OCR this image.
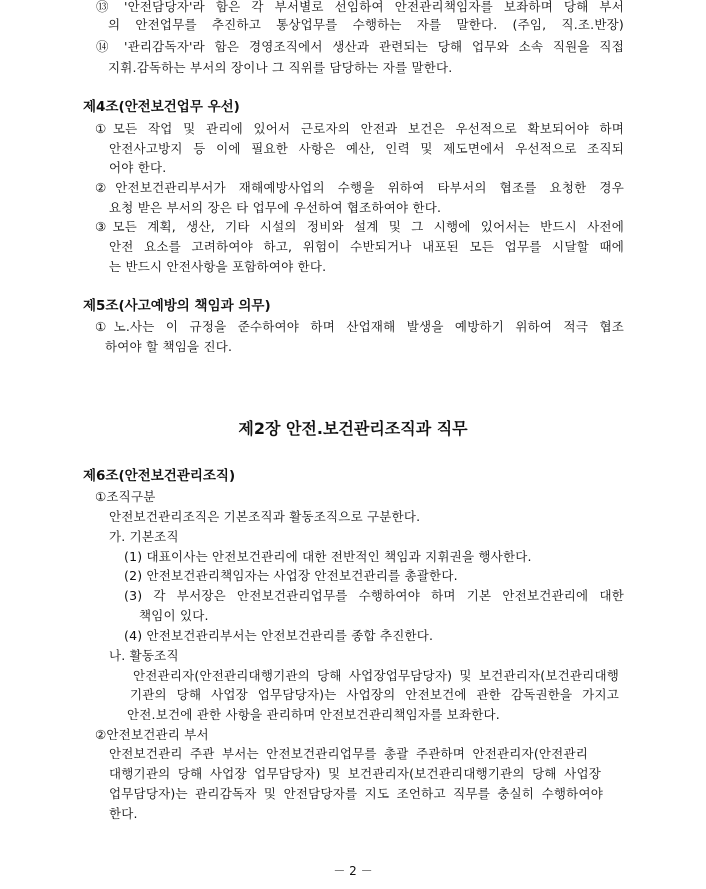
⑬ '안전담당자'라 함은 각 부서별로 선임하여 안전관리책임자를 보좌하며 당해 부서
의 안전업무를 추진하고 통상업무를 수행하는 자를 말한다. (주임, 직.조.반장)
⑭ '관리감독자'라 함은 경영조직에서 생산과 관련되는 당해 업무와 소속 직원을 직접
지휘.감독하는 부서의 장이나 그 직위를 담당하는 자를 말한다.
제4조(안전보건업무 우선)
①모든 작업 및 관리에 있어서 근로자의 안전과 보건은 우선적으로 확보되어야 하며
안전사고방지 등 이에 필요한 사항은 예산, 인력 및 제도면에서 우선적으로 조직되
어야 한다.
②안전보건관리부서가 재해예방사업의 수행을 위하여 타부서의 협조를 요청한 경우
요청 받은 부서의 장은 타 업무에 우선하여 협조하여야 한다.
③모든 계획, 생산, 기타 시설의 정비와 설계 및 그 시행에 있어서는 반드시 사전에
안전 요소를 고려하여야 하고, 위험이 수반되거나 내포된 모든 업무를 시달할 때에
는 반드시 안전사항을 포함하여야 한다.
제5조(사고예방의 책임과 의무)
①노.사는 이 규정을 준수하여야 하며 산업재해 발생을 예방하기 위하여 적극 협조
하여야 할 책임을 진다.
제2장 안전.보건관리조직과 직무
제6조(안전보건관리조직)
①조직구분
안전보건관리조직은 기본조직과 활동조직으로 구분한다.
가. 기본조직
(1) 대표이사는 안전보건관리에 대한 전반적인 책임과 지휘권을 행사한다.
(2) 안전보건관리책임자는 사업장 안전보건관리를 총괄한다.
(3) 각 부서장은 안전보건관리업무를 수행하여야 하며 기본 안전보건관리에 대한
책임이 있다.
(4) 안전보건관리부서는 안전보건관리를 종합 추진한다.
나. 활동조직
안전관리자(안전관리대행기관의 당해 사업장업무담당자) 및 보건관리자(보건관리대행
기관의 당해 사업장 업무담당자)는 사업장의 안전보건에 관한 감독권한을 가지고
안전.보건에 관한 사항을 관리하며 안전보건관리책임자를 보좌한다.
②안전보건관리 부서
안전보건관리 주관 부서는 안전보건관리업무를 총괄 주관하며 안전관리자(안전관리
대행기관의 당해 사업장 업무담당자) 및 보건관리자(보건관리대행기관의 당해 사업장
업무담당자)는 관리감독자 및 안전담당자를 지도 조언하고 직무를 충실히 수행하여야
한다.
－ 2 －
